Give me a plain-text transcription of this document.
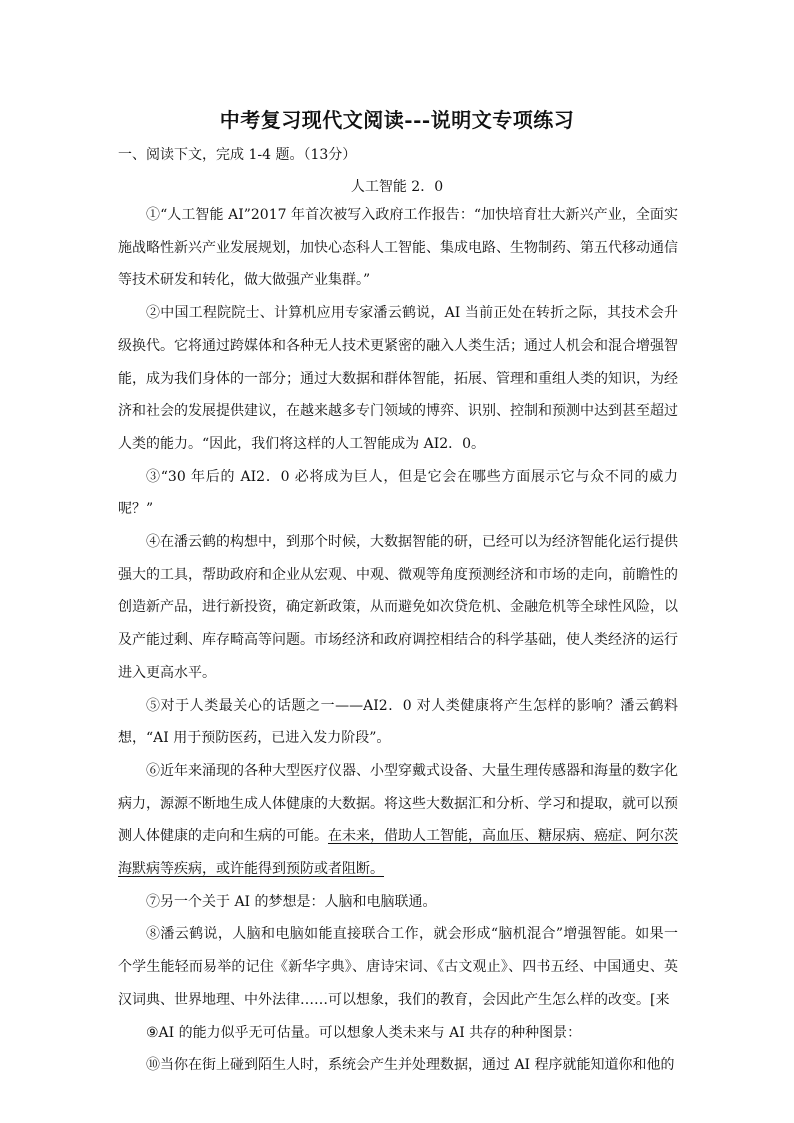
中考复习现代文阅读---说明文专项练习
一、阅读下文，完成 1-4 题。（13分）
人工智能 2．0

①“人工智能 AI”2017 年首次被写入政府工作报告：“加快培育壮大新兴产业，全面实施战略性新兴产业发展规划，加快心态科人工智能、集成电路、生物制药、第五代移动通信等技术研发和转化，做大做强产业集群。”

②中国工程院院士、计算机应用专家潘云鹤说，AI 当前正处在转折之际，其技术会升级换代。它将通过跨媒体和各种无人技术更紧密的融入人类生活；通过人机会和混合增强智能，成为我们身体的一部分；通过大数据和群体智能，拓展、管理和重组人类的知识，为经济和社会的发展提供建议，在越来越多专门领域的博弈、识别、控制和预测中达到甚至超过人类的能力。“因此，我们将这样的人工智能成为 AI2．0。

③“30 年后的 AI2．0 必将成为巨人，但是它会在哪些方面展示它与众不同的威力呢？”

④在潘云鹤的构想中，到那个时候，大数据智能的研，已经可以为经济智能化运行提供强大的工具，帮助政府和企业从宏观、中观、微观等角度预测经济和市场的走向，前瞻性的创造新产品，进行新投资，确定新政策，从而避免如次贷危机、金融危机等全球性风险，以及产能过剩、库存畸高等问题。市场经济和政府调控相结合的科学基础，使人类经济的运行进入更高水平。

⑤对于人类最关心的话题之一——AI2．0 对人类健康将产生怎样的影响？潘云鹤料想，“AI 用于预防医药，已进入发力阶段”。

⑥近年来涌现的各种大型医疗仪器、小型穿戴式设备、大量生理传感器和海量的数字化病力，源源不断地生成人体健康的大数据。将这些大数据汇和分析、学习和提取，就可以预测人体健康的走向和生病的可能。在未来，借助人工智能，高血压、糖尿病、癌症、阿尔茨海默病等疾病，或许能得到预防或者阻断。

⑦另一个关于 AI 的梦想是：人脑和电脑联通。

⑧潘云鹤说，人脑和电脑如能直接联合工作，就会形成“脑机混合”增强智能。如果一个学生能轻而易举的记住《新华字典》、唐诗宋词、《古文观止》、四书五经、中国通史、英汉词典、世界地理、中外法律……可以想象，我们的教育，会因此产生怎么样的改变。[来

⑨AI 的能力似乎无可估量。可以想象人类未来与 AI 共存的种种图景：

⑩当你在街上碰到陌生人时，系统会产生并处理数据，通过 AI 程序就能知道你和他的
